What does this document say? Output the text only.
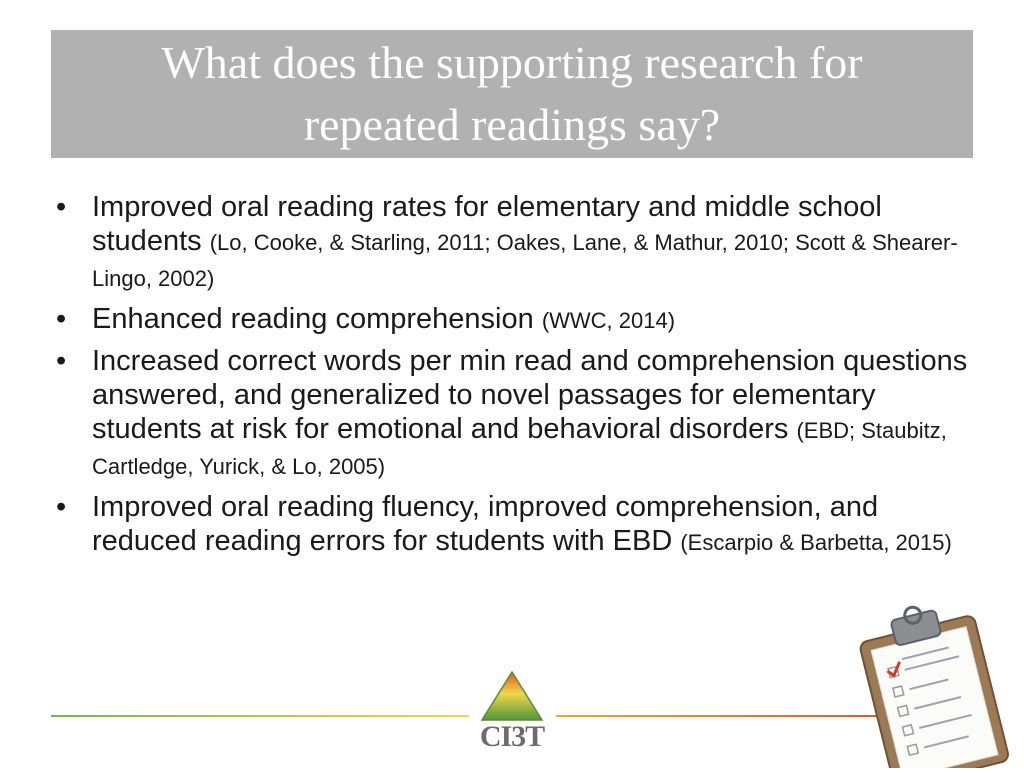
What does the supporting research for
repeated readings say?
• Improved oral reading rates for elementary and middle school students (Lo, Cooke, & Starling, 2011; Oakes, Lane, & Mathur, 2010; Scott & Shearer-Lingo, 2002)
• Enhanced reading comprehension (WWC, 2014)
• Increased correct words per min read and comprehension questions answered, and generalized to novel passages for elementary students at risk for emotional and behavioral disorders (EBD; Staubitz, Cartledge, Yurick, & Lo, 2005)
• Improved oral reading fluency, improved comprehension, and reduced reading errors for students with EBD (Escarpio & Barbetta, 2015)
CI3T
